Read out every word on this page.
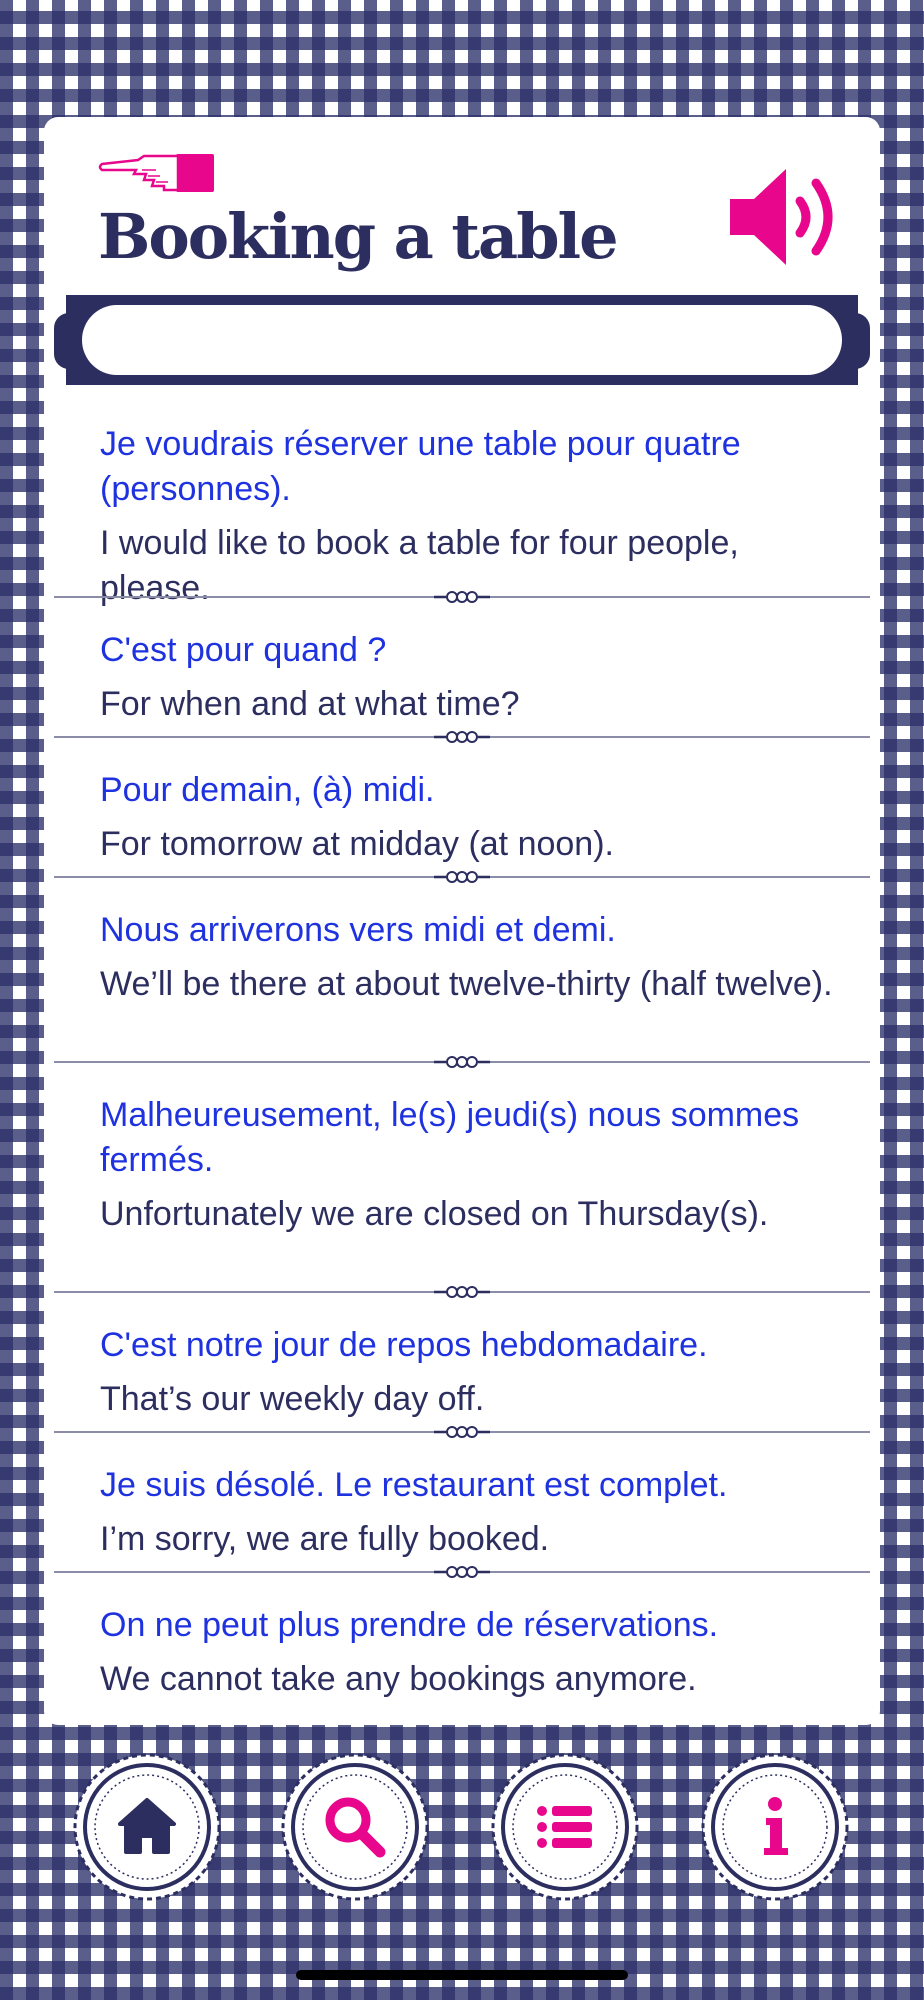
Booking a table
Je voudrais réserver une table pour quatre (personnes).
I would like to book a table for four people, please.
C'est pour quand ?
For when and at what time?
Pour demain, (à) midi.
For tomorrow at midday (at noon).
Nous arriverons vers midi et demi.
We’ll be there at about twelve-thirty (half twelve).
Malheureusement, le(s) jeudi(s) nous sommes fermés.
Unfortunately we are closed on Thursday(s).
C'est notre jour de repos hebdomadaire.
That’s our weekly day off.
Je suis désolé. Le restaurant est complet.
I’m sorry, we are fully booked.
On ne peut plus prendre de réservations.
We cannot take any bookings anymore.
